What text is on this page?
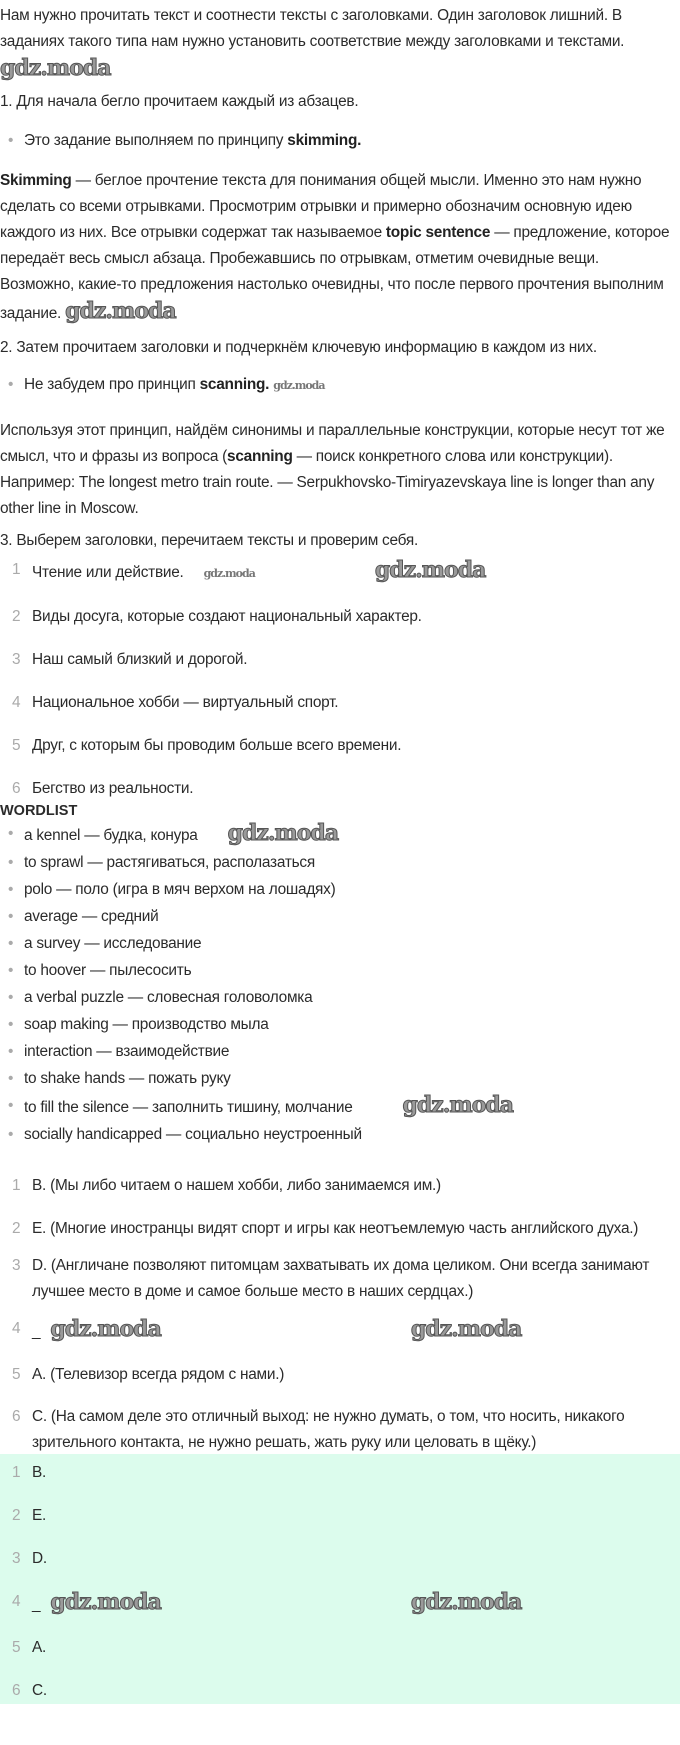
Нам нужно прочитать текст и соотнести тексты с заголовками. Один заголовок лишний. В заданиях такого типа нам нужно установить соответствие между заголовками и текстами. gdz.moda

1. Для начала бегло прочитаем каждый из абзацев.

• Это задание выполняем по принципу skimming.

Skimming — беглое прочтение текста для понимания общей мысли. Именно это нам нужно сделать со всеми отрывками. Просмотрим отрывки и примерно обозначим основную идею каждого из них. Все отрывки содержат так называемое topic sentence — предложение, которое передаёт весь смысл абзаца. Пробежавшись по отрывкам, отметим очевидные вещи. Возможно, какие-то предложения настолько очевидны, что после первого прочтения выполним задание. gdz.moda

2. Затем прочитаем заголовки и подчеркнём ключевую информацию в каждом из них.

• Не забудем про принцип scanning. gdz.moda

Используя этот принцип, найдём синонимы и параллельные конструкции, которые несут тот же смысл, что и фразы из вопроса (scanning — поиск конкретного слова или конструкции). Например: The longest metro train route. — Serpukhovsko-Timiryazevskaya line is longer than any other line in Moscow.

3. Выберем заголовки, перечитаем тексты и проверим себя.

1 Чтение или действие. gdz.moda	gdz.moda
2 Виды досуга, которые создают национальный характер.
3 Наш самый близкий и дорогой.
4 Национальное хобби — виртуальный спорт.
5 Друг, с которым бы проводим больше всего времени.
6 Бегство из реальности.
WORDLIST
• a kennel — будка, конура gdz.moda
• to sprawl — растягиваться, располазаться
• polo — поло (игра в мяч верхом на лошадях)
• average — средний
• a survey — исследование
• to hoover — пылесосить
• a verbal puzzle — словесная головоломка
• soap making — производство мыла
• interaction — взаимодействие
• to shake hands — пожать руку
• to fill the silence — заполнить тишину, молчание gdz.moda
• socially handicapped — социально неустроенный
1 B. (Мы либо читаем о нашем хобби, либо занимаемся им.)
2 E. (Многие иностранцы видят спорт и игры как неотъемлемую часть английского духа.)
3 D. (Англичане позволяют питомцам захватывать их дома целиком. Они всегда занимают лучшее место в доме и самое больше место в наших сердцах.)
4 _ gdz.moda	gdz.moda
5 A. (Телевизор всегда рядом с нами.)
6 C. (На самом деле это отличный выход: не нужно думать, о том, что носить, никакого зрительного контакта, не нужно решать, жать руку или целовать в щёку.)
1 B.
2 E.
3 D.
4 _ gdz.moda	gdz.moda
5 A.
6 C.
